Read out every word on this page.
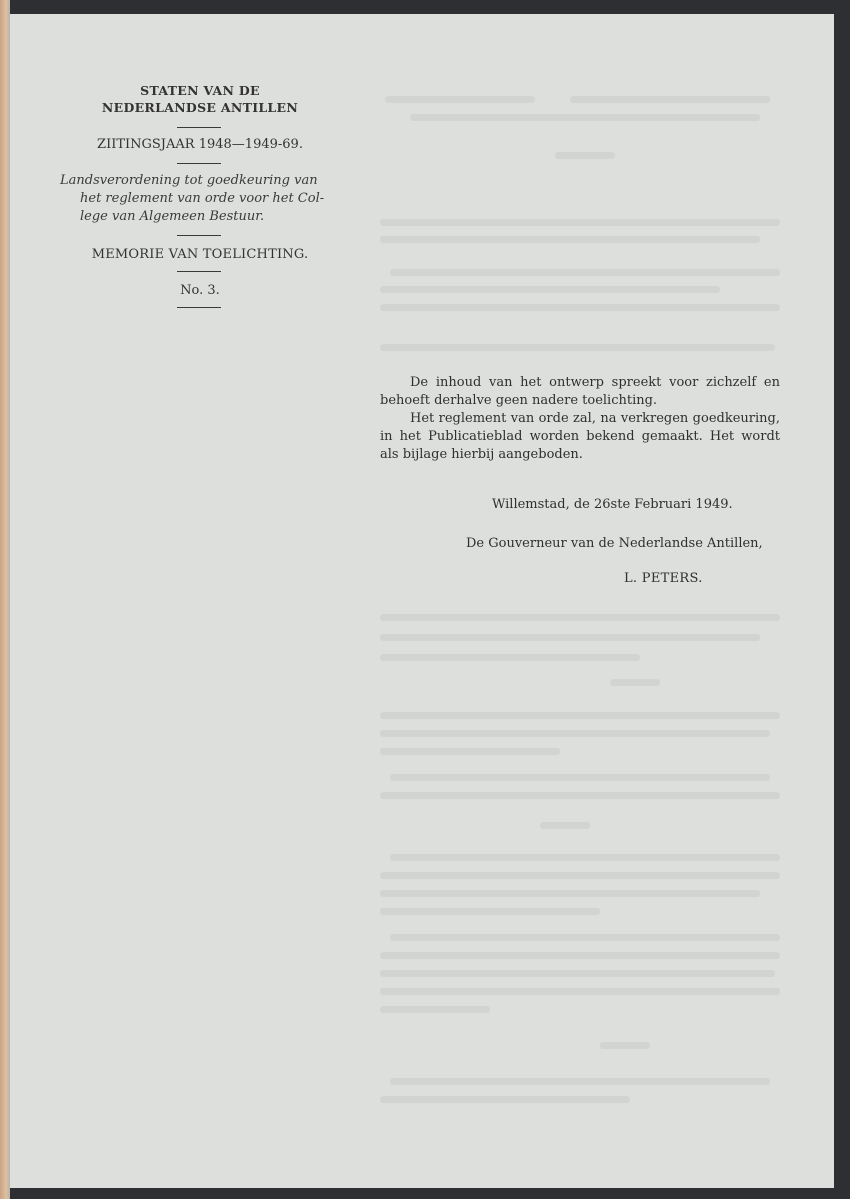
STATEN VAN DE
NEDERLANDSE ANTILLEN
ZIITINGSJAAR 1948—1949-69.
Landsverordening tot goedkeuring van
het reglement van orde voor het Col-
lege van Algemeen Bestuur.
MEMORIE VAN TOELICHTING.
No. 3.

De inhoud van het ontwerp spreekt voor zichzelf en behoeft derhalve geen nadere toelichting.

Het reglement van orde zal, na verkregen goedkeuring, in het Publicatieblad worden bekend gemaakt. Het wordt als bijlage hierbij aangeboden.

Willemstad, de 26ste Februari 1949.
De Gouverneur van de Nederlandse Antillen,
L. PETERS.
